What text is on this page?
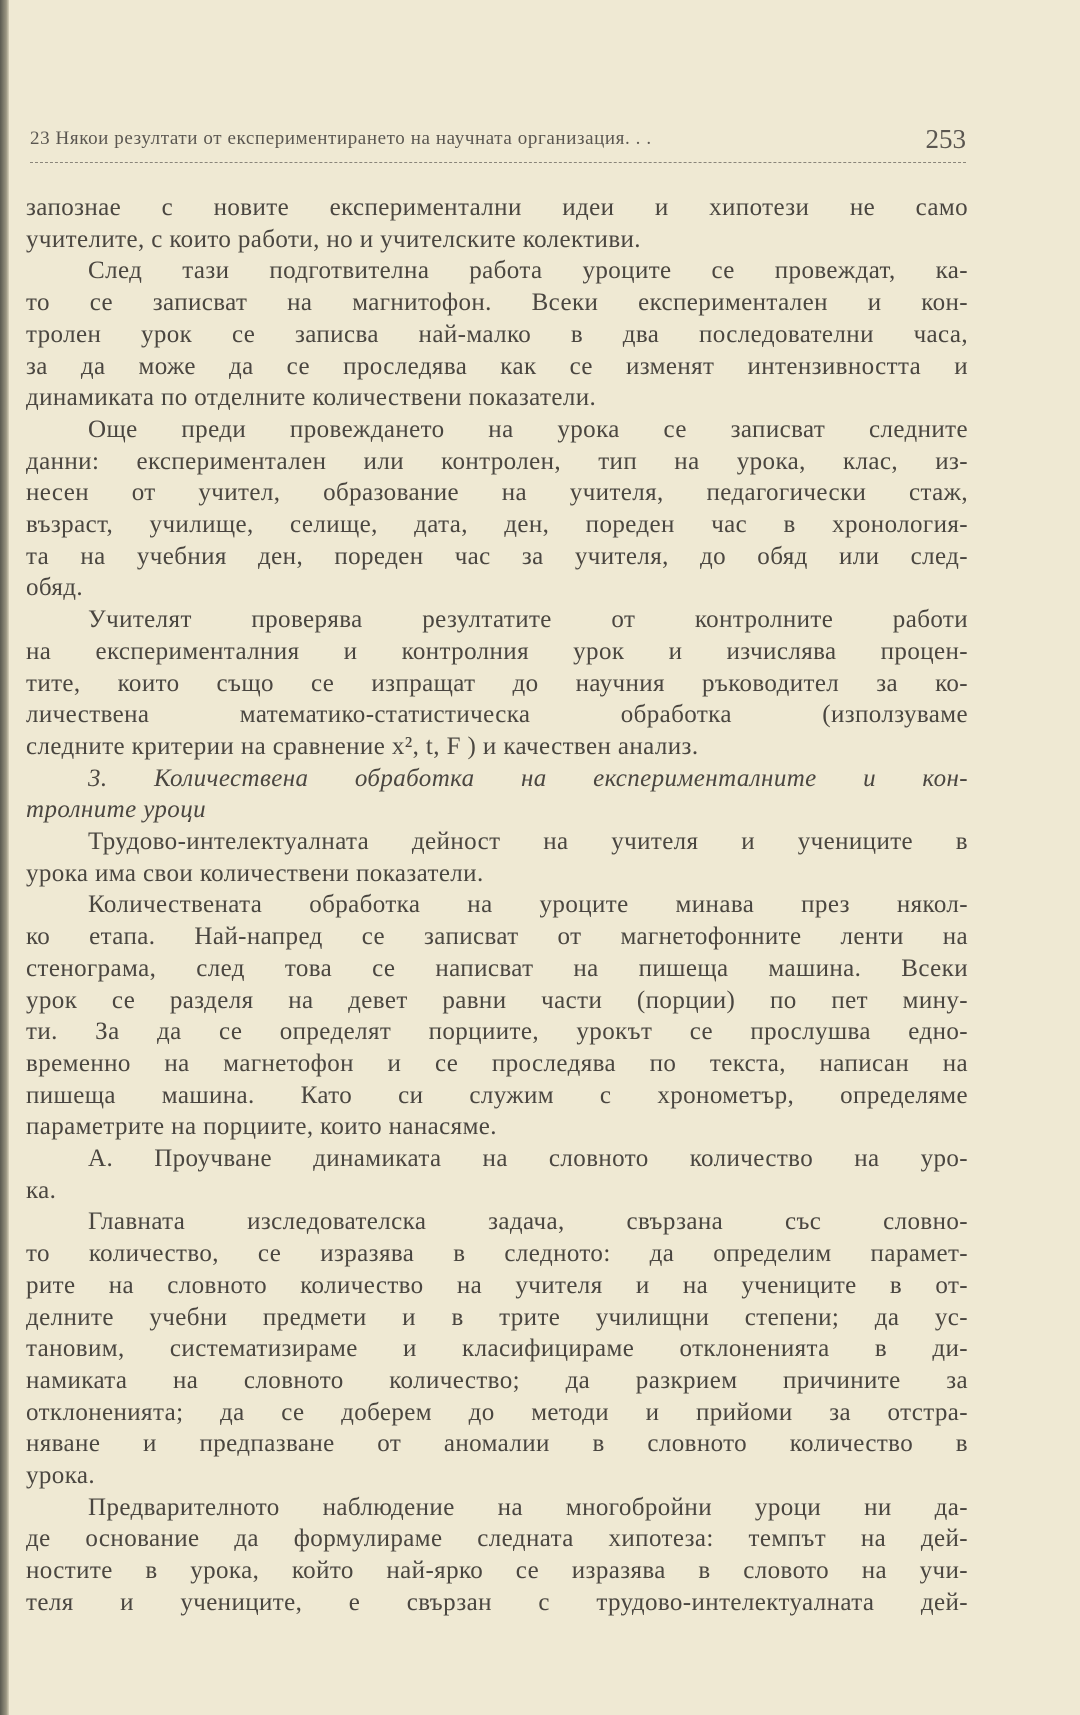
23 Някои резултати от експериментирането на научната организация. . .	253
запознае с новите експериментални идеи и хипотези не само
учителите, с които работи, но и учителските колективи.
След тази подготвителна работа уроците се провеждат, ка-
то се записват на магнитофон. Всеки експериментален и кон-
тролен урок се записва най-малко в два последователни часа,
за да може да се проследява как се изменят интензивността и
динамиката по отделните количествени показатели.
Още преди провеждането на урока се записват следните
данни: експериментален или контролен, тип на урока, клас, из-
несен от учител, образование на учителя, педагогически стаж,
възраст, училище, селище, дата, ден, пореден час в хронология-
та на учебния ден, пореден час за учителя, до обяд или след-
обяд.
Учителят проверява резултатите от контролните работи
на експерименталния и контролния урок и изчислява процен-
тите, които също се изпращат до научния ръководител за ко-
личествена математико-статистическа обработка (използуваме
следните критерии на сравнение x², t, F ) и качествен анализ.
3. Количествена обработка на експерименталните и кон-
тролните уроци
Трудово-интелектуалната дейност на учителя и учениците в
урока има свои количествени показатели.
Количествената обработка на уроците минава през някол-
ко етапа. Най-напред се записват от магнетофонните ленти на
стенограма, след това се написват на пишеща машина. Всеки
урок се разделя на девет равни части (порции) по пет мину-
ти. За да се определят порциите, урокът се прослушва едно-
временно на магнетофон и се проследява по текста, написан на
пишеща машина. Като си служим с хронометър, определяме
параметрите на порциите, които нанасяме.
А. Проучване динамиката на словното количество на уро-
ка.
Главната изследователска задача, свързана със словно-
то количество, се изразява в следното: да определим парамет-
рите на словното количество на учителя и на учениците в от-
делните учебни предмети и в трите училищни степени; да ус-
тановим, систематизираме и класифицираме отклоненията в ди-
намиката на словното количество; да разкрием причините за
отклоненията; да се доберем до методи и прийоми за отстра-
няване и предпазване от аномалии в словното количество в
урока.
Предварителното наблюдение на многобройни уроци ни да-
де основание да формулираме следната хипотеза: темпът на дей-
ностите в урока, който най-ярко се изразява в словото на учи-
теля и учениците, е свързан с трудово-интелектуалната дей-
